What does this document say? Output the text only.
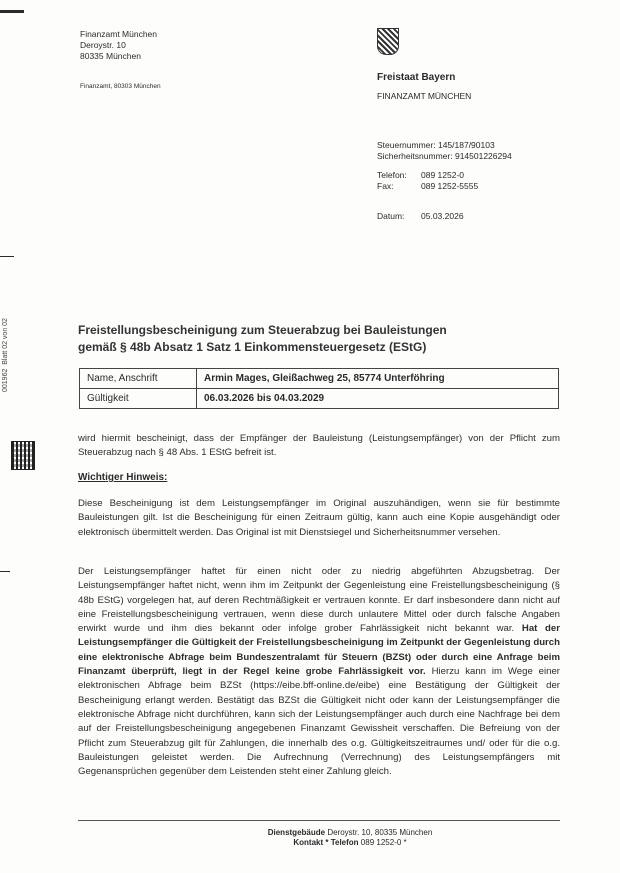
Finanzamt München
Deroystr. 10
80335 München
Finanzamt, 80303 München
Freistaat Bayern
FINANZAMT MÜNCHEN
Steuernummer: 145/187/90103
Sicherheitsnummer: 914501226294
Telefon: 089 1252-0
Fax:	089 1252-5555
Datum: 05.03.2026
001962  Blatt 02 von 02	Freistellungsbescheinigung zum Steuerabzug bei Bauleistungen
gemäß § 48b Absatz 1 Satz 1 Einkommensteuergesetz (EStG)
Name, Anschrift	Armin Mages, Gleißachweg 25, 85774 Unterföhring
Gültigkeit	06.03.2026 bis 04.03.2029
wird hiermit bescheinigt, dass der Empfänger der Bauleistung (Leistungsempfänger) von der Pflicht zum Steuerabzug nach § 48 Abs. 1 EStG befreit ist.
Wichtiger Hinweis:
Diese Bescheinigung ist dem Leistungsempfänger im Original auszuhändigen, wenn sie für bestimmte Bauleistungen gilt. Ist die Bescheinigung für einen Zeitraum gültig, kann auch eine Kopie ausgehändigt oder elektronisch übermittelt werden. Das Original ist mit Dienstsiegel und Sicherheitsnummer versehen.
Der Leistungsempfänger haftet für einen nicht oder zu niedrig abgeführten Abzugsbetrag. Der Leistungsempfänger haftet nicht, wenn ihm im Zeitpunkt der Gegenleistung eine Freistellungsbescheinigung (§ 48b EStG) vorgelegen hat, auf deren Rechtmäßigkeit er vertrauen konnte. Er darf insbesondere dann nicht auf eine Freistellungsbescheinigung vertrauen, wenn diese durch unlautere Mittel oder durch falsche Angaben erwirkt wurde und ihm dies bekannt oder infolge grober Fahrlässigkeit nicht bekannt war. Hat der Leistungsempfänger die Gültigkeit der Freistellungsbescheinigung im Zeitpunkt der Gegenleistung durch eine elektronische Abfrage beim Bundeszentralamt für Steuern (BZSt) oder durch eine Anfrage beim Finanzamt überprüft, liegt in der Regel keine grobe Fahrlässigkeit vor. Hierzu kann im Wege einer elektronischen Abfrage beim BZSt (https://eibe.bff-online.de/eibe) eine Bestätigung der Gültigkeit der Bescheinigung erlangt werden. Bestätigt das BZSt die Gültigkeit nicht oder kann der Leistungsempfänger die elektronische Abfrage nicht durchführen, kann sich der Leistungsempfänger auch durch eine Nachfrage bei dem auf der Freistellungsbescheinigung angegebenen Finanzamt Gewissheit verschaffen. Die Befreiung von der Pflicht zum Steuerabzug gilt für Zahlungen, die innerhalb des o.g. Gültigkeitszeitraumes und/ oder für die o.g. Bauleistungen geleistet werden. Die Aufrechnung (Verrechnung) des Leistungsempfängers mit Gegenansprüchen gegenüber dem Leistenden steht einer Zahlung gleich.
Dienstgebäude Deroystr. 10, 80335 München
Kontakt * Telefon 089 1252-0 *
